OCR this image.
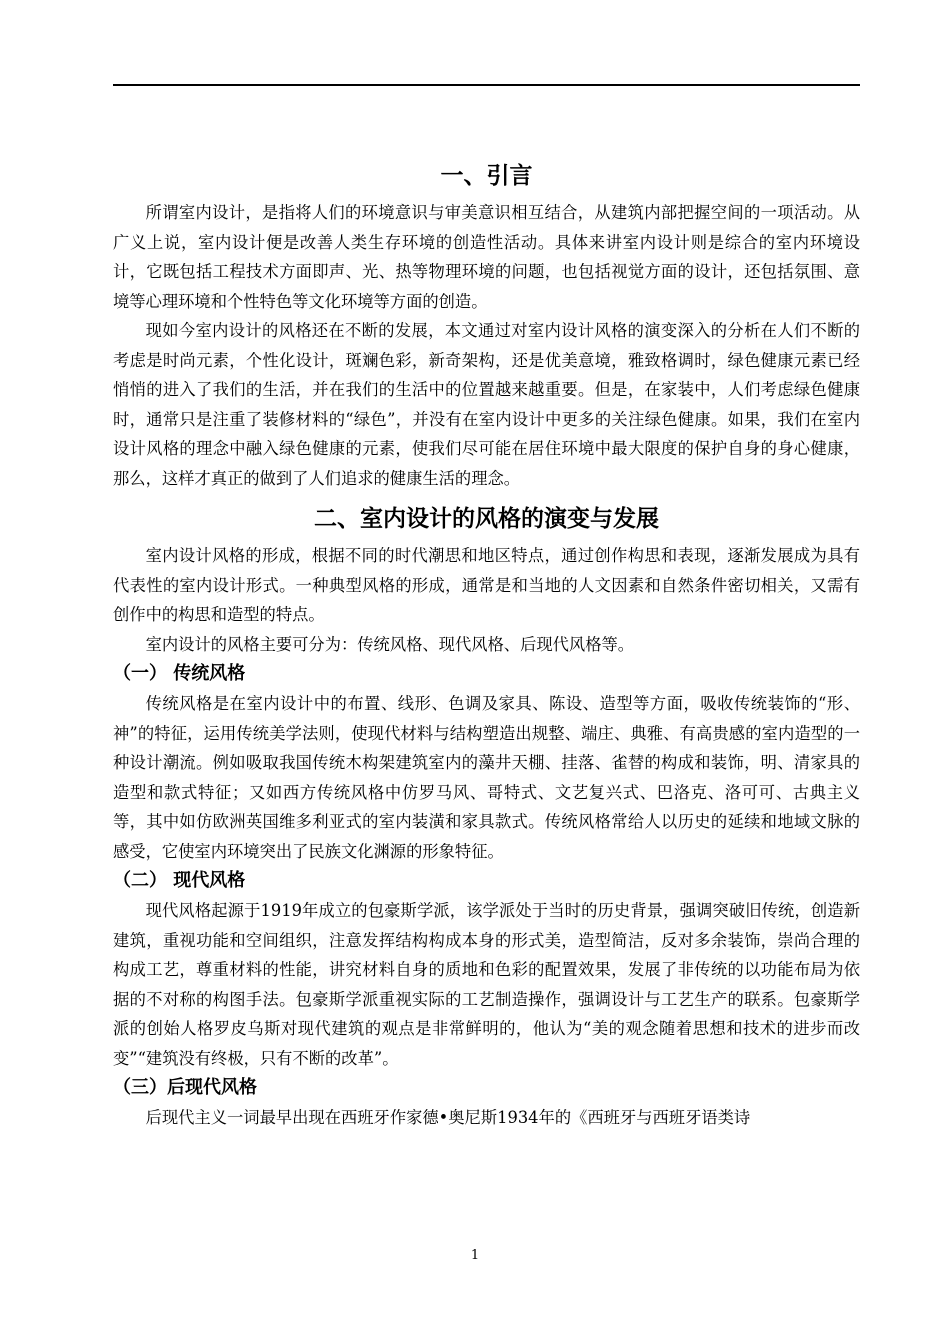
一、引言

所谓室内设计，是指将人们的环境意识与审美意识相互结合，从建筑内部把握空间的一项活动。从广义上说，室内设计便是改善人类生存环境的创造性活动。具体来讲室内设计则是综合的室内环境设计，它既包括工程技术方面即声、光、热等物理环境的问题，也包括视觉方面的设计，还包括氛围、意境等心理环境和个性特色等文化环境等方面的创造。

现如今室内设计的风格还在不断的发展，本文通过对室内设计风格的演变深入的分析在人们不断的考虑是时尚元素，个性化设计，斑斓色彩，新奇架构，还是优美意境，雅致格调时，绿色健康元素已经悄悄的进入了我们的生活，并在我们的生活中的位置越来越重要。但是，在家装中，人们考虑绿色健康时，通常只是注重了装修材料的“绿色”，并没有在室内设计中更多的关注绿色健康。如果，我们在室内设计风格的理念中融入绿色健康的元素，使我们尽可能在居住环境中最大限度的保护自身的身心健康，那么，这样才真正的做到了人们追求的健康生活的理念。

二、室内设计的风格的演变与发展

室内设计风格的形成，根据不同的时代潮思和地区特点，通过创作构思和表现，逐渐发展成为具有代表性的室内设计形式。一种典型风格的形成，通常是和当地的人文因素和自然条件密切相关，又需有创作中的构思和造型的特点。

室内设计的风格主要可分为：传统风格、现代风格、后现代风格等。

（一） 传统风格

传统风格是在室内设计中的布置、线形、色调及家具、陈设、造型等方面，吸收传统装饰的“形、神”的特征，运用传统美学法则，使现代材料与结构塑造出规整、端庄、典雅、有高贵感的室内造型的一种设计潮流。例如吸取我国传统木构架建筑室内的藻井天棚、挂落、雀替的构成和装饰，明、清家具的造型和款式特征；又如西方传统风格中仿罗马风、哥特式、文艺复兴式、巴洛克、洛可可、古典主义等，其中如仿欧洲英国维多利亚式的室内装潢和家具款式。传统风格常给人以历史的延续和地域文脉的感受，它使室内环境突出了民族文化渊源的形象特征。

（二） 现代风格

现代风格起源于1919年成立的包豪斯学派，该学派处于当时的历史背景，强调突破旧传统，创造新建筑，重视功能和空间组织，注意发挥结构构成本身的形式美，造型简洁，反对多余装饰，崇尚合理的构成工艺，尊重材料的性能，讲究材料自身的质地和色彩的配置效果，发展了非传统的以功能布局为依据的不对称的构图手法。包豪斯学派重视实际的工艺制造操作，强调设计与工艺生产的联系。包豪斯学派的创始人格罗皮乌斯对现代建筑的观点是非常鲜明的，他认为“美的观念随着思想和技术的进步而改变”“建筑没有终极，只有不断的改革”。

（三）后现代风格

后现代主义一词最早出现在西班牙作家德•奥尼斯1934年的《西班牙与西班牙语类诗

1
